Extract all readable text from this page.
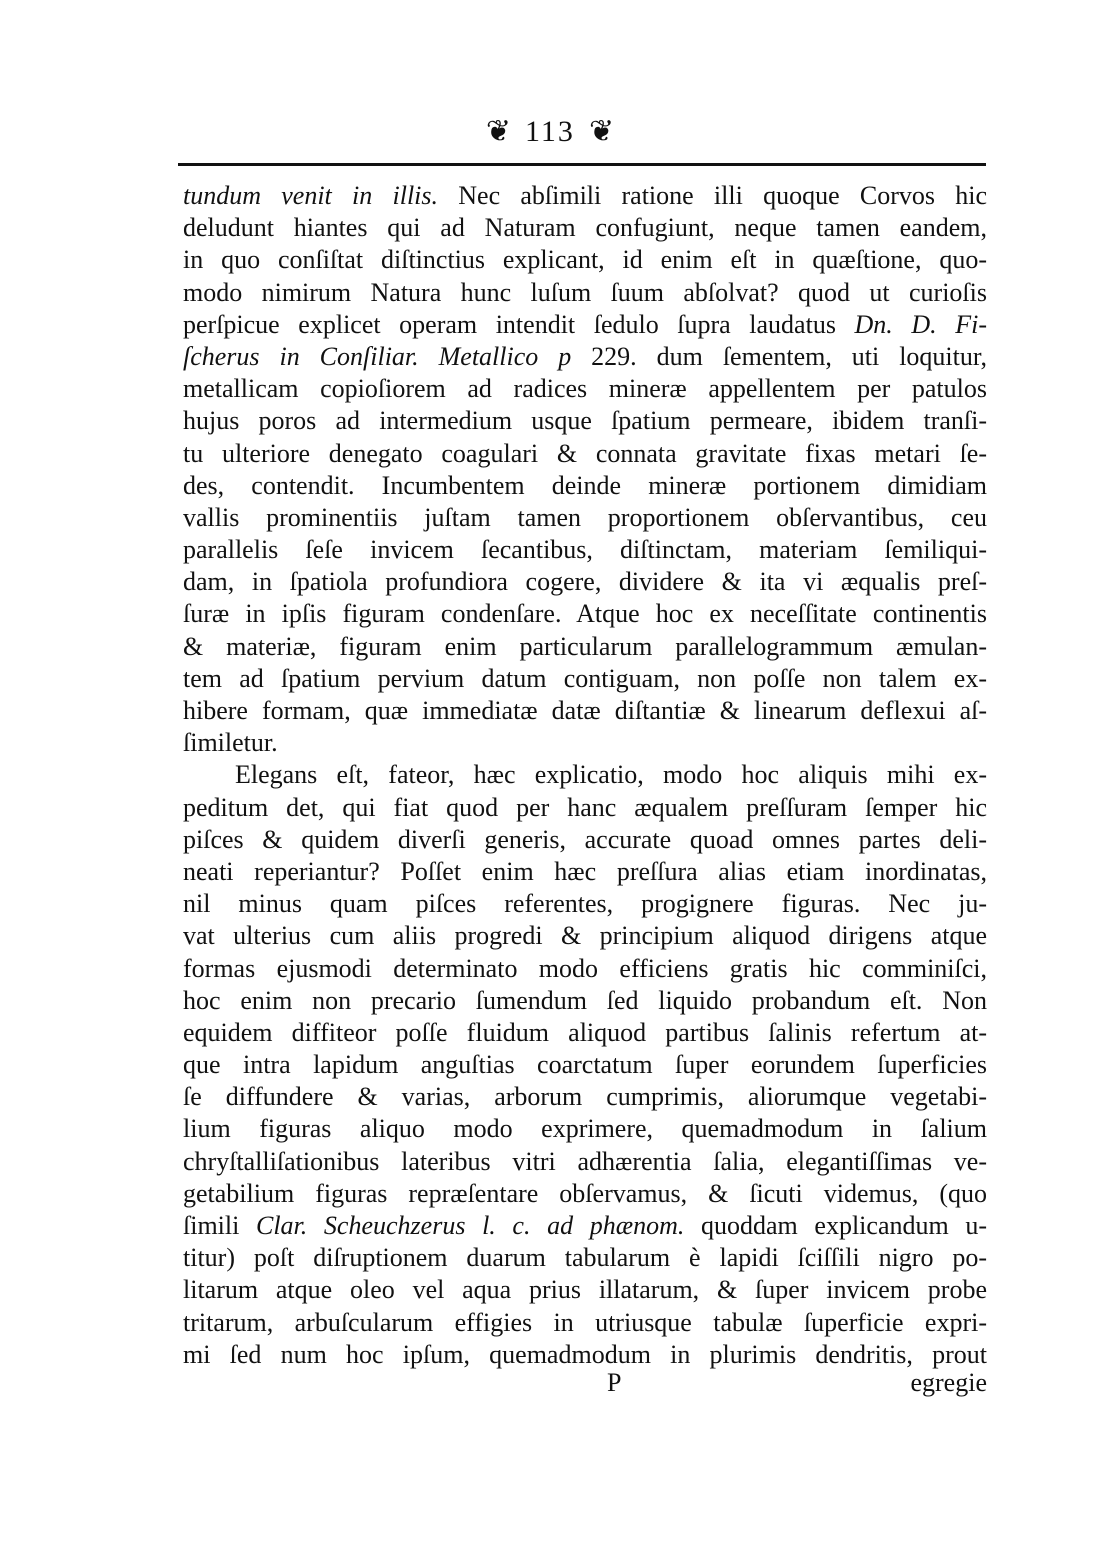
❦ 113 ❦
tundum venit in illis. Nec abſimili ratione illi quoque Corvos hic
deludunt hiantes qui ad Naturam confugiunt, neque tamen eandem,
in quo conſiſtat diſtinctius explicant, id enim eſt in quæſtione, quo-
modo nimirum Natura hunc luſum ſuum abſolvat? quod ut curioſis
perſpicue explicet operam intendit ſedulo ſupra laudatus Dn. D. Fi-
ſcherus in Conſiliar. Metallico p 229. dum ſementem, uti loquitur,
metallicam copioſiorem ad radices mineræ appellentem per patulos
hujus poros ad intermedium usque ſpatium permeare, ibidem tranſi-
tu ulteriore denegato coagulari & connata gravitate fixas metari ſe-
des, contendit. Incumbentem deinde mineræ portionem dimidiam
vallis prominentiis juſtam tamen proportionem obſervantibus, ceu
parallelis ſeſe invicem ſecantibus, diſtinctam, materiam ſemiliqui-
dam, in ſpatiola profundiora cogere, dividere & ita vi æqualis preſ-
ſuræ in ipſis figuram condenſare. Atque hoc ex neceſſitate continentis
& materiæ, figuram enim particularum parallelogrammum æmulan-
tem ad ſpatium pervium datum contiguam, non poſſe non talem ex-
hibere formam, quæ immediatæ datæ diſtantiæ & linearum deflexui aſ-
ſimiletur.
Elegans eſt, fateor, hæc explicatio, modo hoc aliquis mihi ex-
peditum det, qui fiat quod per hanc æqualem preſſuram ſemper hic
piſces & quidem diverſi generis, accurate quoad omnes partes deli-
neati reperiantur? Poſſet enim hæc preſſura alias etiam inordinatas,
nil minus quam piſces referentes, progignere figuras. Nec ju-
vat ulterius cum aliis progredi & principium aliquod dirigens atque
formas ejusmodi determinato modo efficiens gratis hic comminiſci,
hoc enim non precario ſumendum ſed liquido probandum eſt. Non
equidem diffiteor poſſe fluidum aliquod partibus ſalinis refertum at-
que intra lapidum anguſtias coarctatum ſuper eorundem ſuperficies
ſe diffundere & varias, arborum cumprimis, aliorumque vegetabi-
lium figuras aliquo modo exprimere, quemadmodum in ſalium
chryſtalliſationibus lateribus vitri adhærentia ſalia, elegantiſſimas ve-
getabilium figuras repræſentare obſervamus, & ſicuti videmus, (quo
ſimili Clar. Scheuchzerus l. c. ad phænom. quoddam explicandum u-
titur) poſt diſruptionem duarum tabularum è lapidi ſciſſili nigro po-
litarum atque oleo vel aqua prius illatarum, & ſuper invicem probe
tritarum, arbuſcularum effigies in utriusque tabulæ ſuperficie expri-
mi ſed num hoc ipſum, quemadmodum in plurimis dendritis, prout
P	egregie
